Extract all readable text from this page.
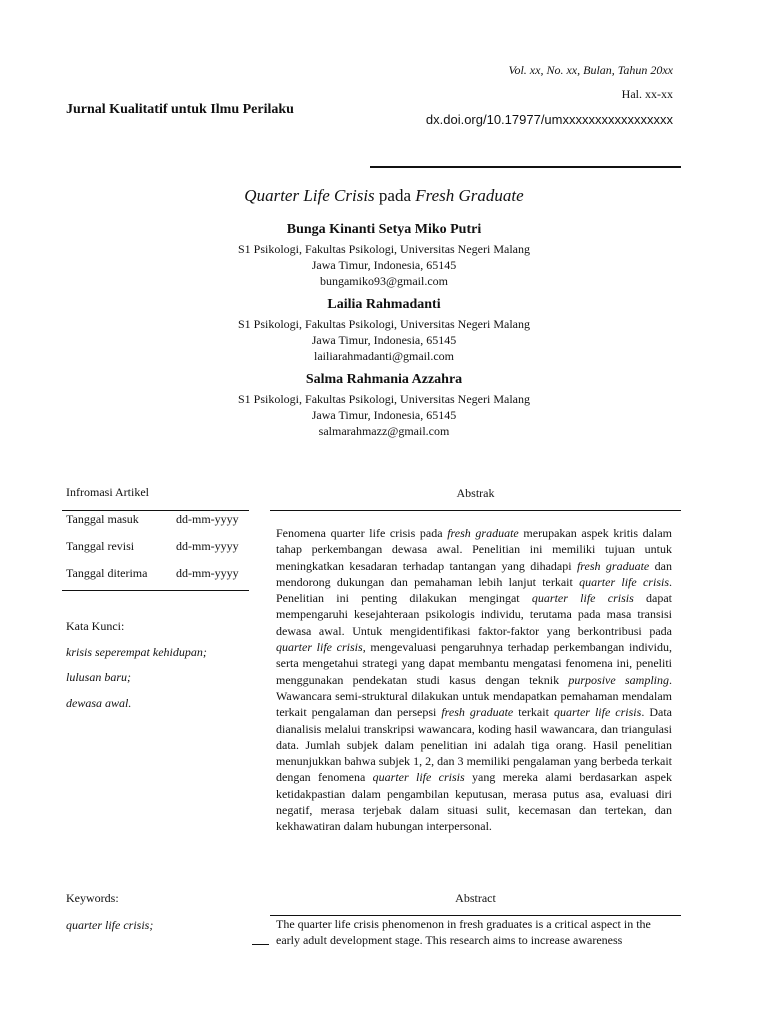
Vol. xx, No. xx, Bulan, Tahun 20xx
Hal. xx-xx
dx.doi.org/10.17977/umxxxxxxxxxxxxxxxxx
Jurnal Kualitatif untuk Ilmu Perilaku
Quarter Life Crisis pada Fresh Graduate
Bunga Kinanti Setya Miko Putri
S1 Psikologi, Fakultas Psikologi, Universitas Negeri Malang
Jawa Timur, Indonesia, 65145
bungamiko93@gmail.com
Lailia Rahmadanti
S1 Psikologi, Fakultas Psikologi, Universitas Negeri Malang
Jawa Timur, Indonesia, 65145
lailiarahmadanti@gmail.com
Salma Rahmania Azzahra
S1 Psikologi, Fakultas Psikologi, Universitas Negeri Malang
Jawa Timur, Indonesia, 65145
salmarahmazz@gmail.com
Infromasi Artikel
Tanggal masuk	dd-mm-yyyy
Tanggal revisi	dd-mm-yyyy
Tanggal diterima dd-mm-yyyy
Kata Kunci:
krisis seperempat kehidupan;
lulusan baru;
dewasa awal.
Abstrak
Fenomena quarter life crisis pada fresh graduate merupakan aspek kritis dalam tahap perkembangan dewasa awal. Penelitian ini memiliki tujuan untuk meningkatkan kesadaran terhadap tantangan yang dihadapi fresh graduate dan mendorong dukungan dan pemahaman lebih lanjut terkait quarter life crisis. Penelitian ini penting dilakukan mengingat quarter life crisis dapat mempengaruhi kesejahteraan psikologis individu, terutama pada masa transisi dewasa awal. Untuk mengidentifikasi faktor-faktor yang berkontribusi pada quarter life crisis, mengevaluasi pengaruhnya terhadap perkembangan individu, serta mengetahui strategi yang dapat membantu mengatasi fenomena ini, peneliti menggunakan pendekatan studi kasus dengan teknik purposive sampling. Wawancara semi-struktural dilakukan untuk mendapatkan pemahaman mendalam terkait pengalaman dan persepsi fresh graduate terkait quarter life crisis. Data dianalisis melalui transkripsi wawancara, koding hasil wawancara, dan triangulasi data. Jumlah subjek dalam penelitian ini adalah tiga orang. Hasil penelitian menunjukkan bahwa subjek 1, 2, dan 3 memiliki pengalaman yang berbeda terkait dengan fenomena quarter life crisis yang mereka alami berdasarkan aspek ketidakpastian dalam pengambilan keputusan, merasa putus asa, evaluasi diri negatif, merasa terjebak dalam situasi sulit, kecemasan dan tertekan, dan kekhawatiran dalam hubungan interpersonal.
Keywords:
quarter life crisis;
Abstract
The quarter life crisis phenomenon in fresh graduates is a critical aspect in the early adult development stage. This research aims to increase awareness
